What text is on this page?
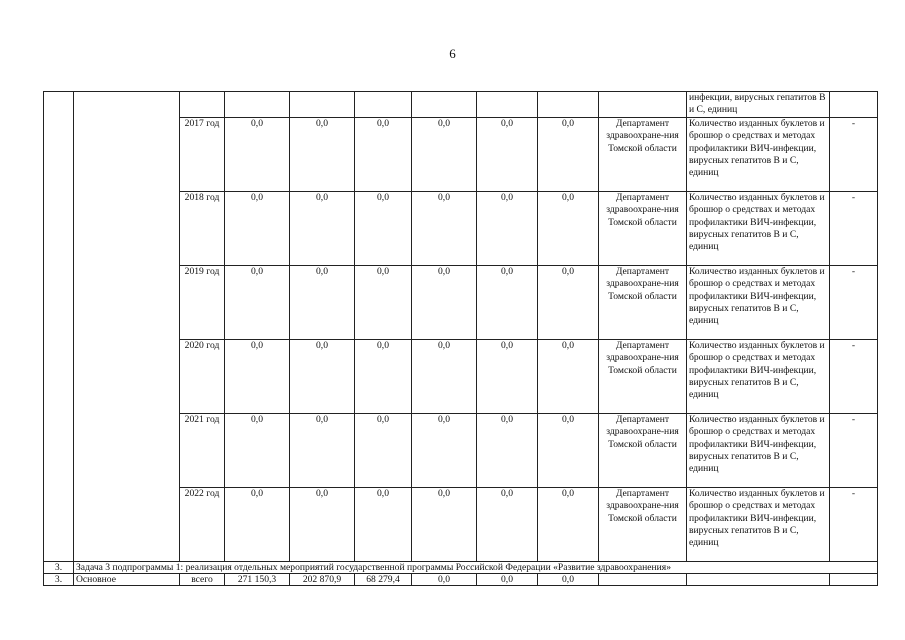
6
										инфекции, вирусных гепатитов В и С, единиц	
		2017 год	0,0	0,0	0,0	0,0	0,0	0,0	Департамент здравоохране-ния Томской области	Количество изданных буклетов и брошюр о средствах и методах профилактики ВИЧ-инфекции, вирусных гепатитов В и С, единиц	-
		2018 год	0,0	0,0	0,0	0,0	0,0	0,0	Департамент здравоохране-ния Томской области	Количество изданных буклетов и брошюр о средствах и методах профилактики ВИЧ-инфекции, вирусных гепатитов В и С, единиц	-
		2019 год	0,0	0,0	0,0	0,0	0,0	0,0	Департамент здравоохране-ния Томской области	Количество изданных буклетов и брошюр о средствах и методах профилактики ВИЧ-инфекции, вирусных гепатитов В и С, единиц	-
		2020 год	0,0	0,0	0,0	0,0	0,0	0,0	Департамент здравоохране-ния Томской области	Количество изданных буклетов и брошюр о средствах и методах профилактики ВИЧ-инфекции, вирусных гепатитов В и С, единиц	-
		2021 год	0,0	0,0	0,0	0,0	0,0	0,0	Департамент здравоохране-ния Томской области	Количество изданных буклетов и брошюр о средствах и методах профилактики ВИЧ-инфекции, вирусных гепатитов В и С, единиц	-
		2022 год	0,0	0,0	0,0	0,0	0,0	0,0	Департамент здравоохране-ния Томской области	Количество изданных буклетов и брошюр о средствах и методах профилактики ВИЧ-инфекции, вирусных гепатитов В и С, единиц	-
3.	Задача 3 подпрограммы 1: реализация отдельных мероприятий государственной программы Российской Федерации «Развитие здравоохранения»										
3.	Основное	всего	271 150,3	202 870,9	68 279,4	0,0	0,0	0,0			
